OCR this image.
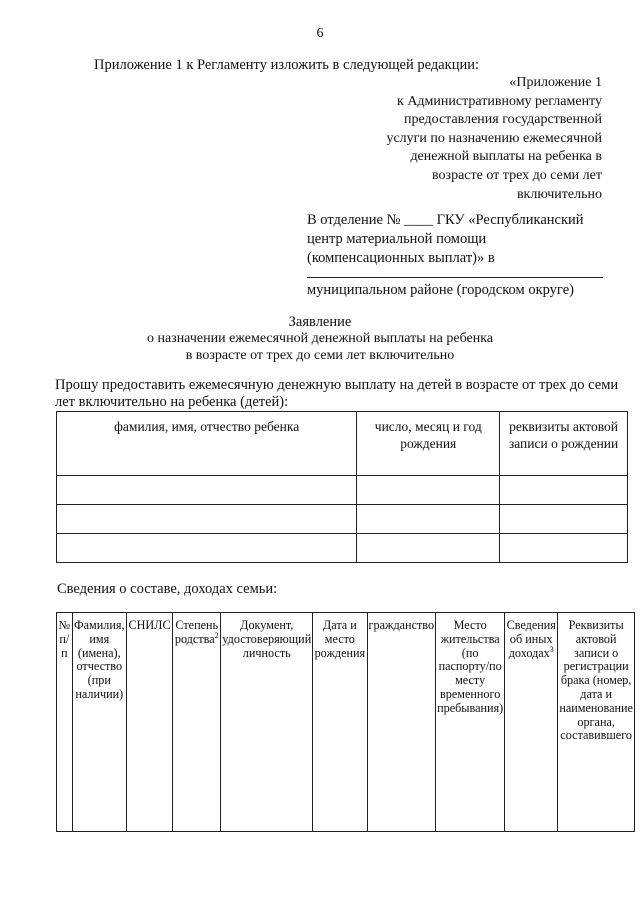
6
Приложение 1 к Регламенту изложить в следующей редакции:
«Приложение 1
к Административному регламенту
предоставления государственной
услуги по назначению ежемесячной
денежной выплаты на ребенка в
возрасте от трех до семи лет
включительно
В отделение № ____ ГКУ «Республиканский
центр материальной помощи
(компенсационных выплат)» в
муниципальном районе (городском округе)
Заявление
о назначении ежемесячной денежной выплаты на ребенка
в возрасте от трех до семи лет включительно
Прошу предоставить ежемесячную денежную выплату на детей в возрасте от трех до семи лет включительно на ребенка (детей):
фамилия, имя, отчество ребенка	число, месяц и год рождения	реквизиты актовой записи о рождении

Сведения о составе, доходах семьи:
№ п/п	Фамилия, имя (имена), отчество (при наличии)	СНИЛС	Степень родства$^2$	Документ, удостоверяющий личность	Дата и место рождения	гражданство	Место жительства (по паспорту/по месту временного пребывания)	Сведения об иных доходах$^3$	Реквизиты актовой записи о регистрации брака (номер, дата и наименование органа, составившего
